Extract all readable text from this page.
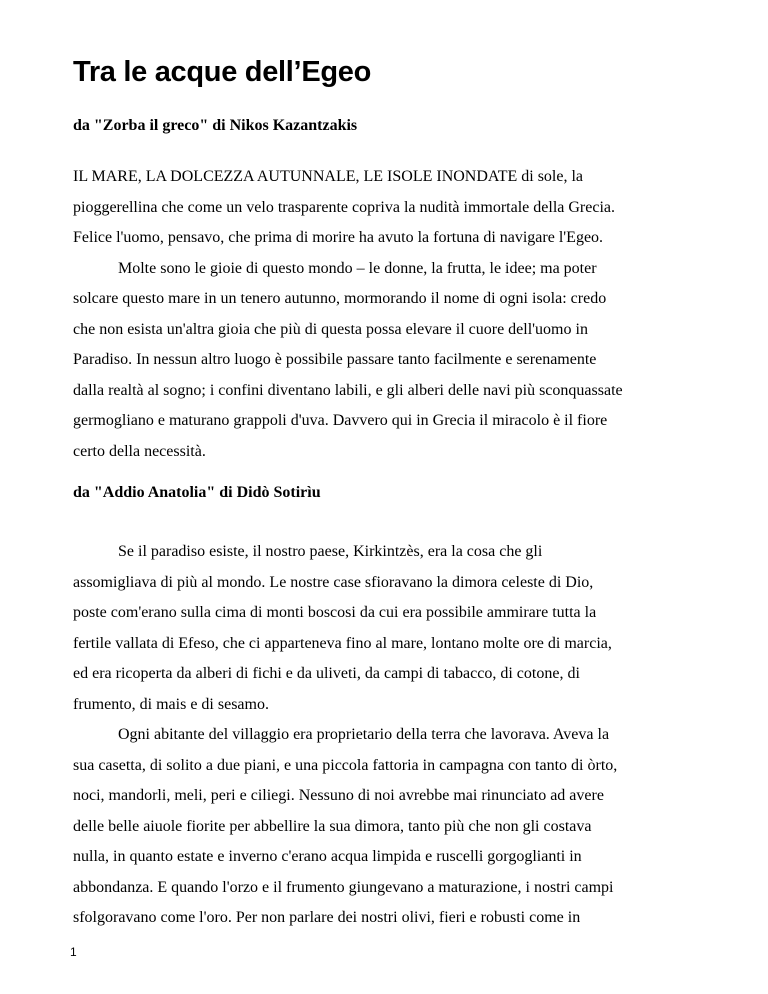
Tra le acque dell’Egeo

da "Zorba il greco" di Nikos Kazantzakis

IL MARE, LA DOLCEZZA AUTUNNALE, LE ISOLE INONDATE di sole, la
pioggerellina che come un velo trasparente copriva la nudità immortale della Grecia.
Felice l'uomo, pensavo, che prima di morire ha avuto la fortuna di navigare l'Egeo.
Molte sono le gioie di questo mondo – le donne, la frutta, le idee; ma poter
solcare questo mare in un tenero autunno, mormorando il nome di ogni isola: credo
che non esista un'altra gioia che più di questa possa elevare il cuore dell'uomo in
Paradiso. In nessun altro luogo è possibile passare tanto facilmente e serenamente
dalla realtà al sogno; i confini diventano labili, e gli alberi delle navi più sconquassate
germogliano e maturano grappoli d'uva. Davvero qui in Grecia il miracolo è il fiore
certo della necessità.

da "Addio Anatolia" di Didò Sotirìu

Se il paradiso esiste, il nostro paese, Kirkintzès, era la cosa che gli
assomigliava di più al mondo. Le nostre case sfioravano la dimora celeste di Dio,
poste com'erano sulla cima di monti boscosi da cui era possibile ammirare tutta la
fertile vallata di Efeso, che ci apparteneva fino al mare, lontano molte ore di marcia,
ed era ricoperta da alberi di fichi e da uliveti, da campi di tabacco, di cotone, di
frumento, di mais e di sesamo.
Ogni abitante del villaggio era proprietario della terra che lavorava. Aveva la
sua casetta, di solito a due piani, e una piccola fattoria in campagna con tanto di òrto,
noci, mandorli, meli, peri e ciliegi. Nessuno di noi avrebbe mai rinunciato ad avere
delle belle aiuole fiorite per abbellire la sua dimora, tanto più che non gli costava
nulla, in quanto estate e inverno c'erano acqua limpida e ruscelli gorgoglianti in
abbondanza. E quando l'orzo e il frumento giungevano a maturazione, i nostri campi
sfolgoravano come l'oro. Per non parlare dei nostri olivi, fieri e robusti come in
1
